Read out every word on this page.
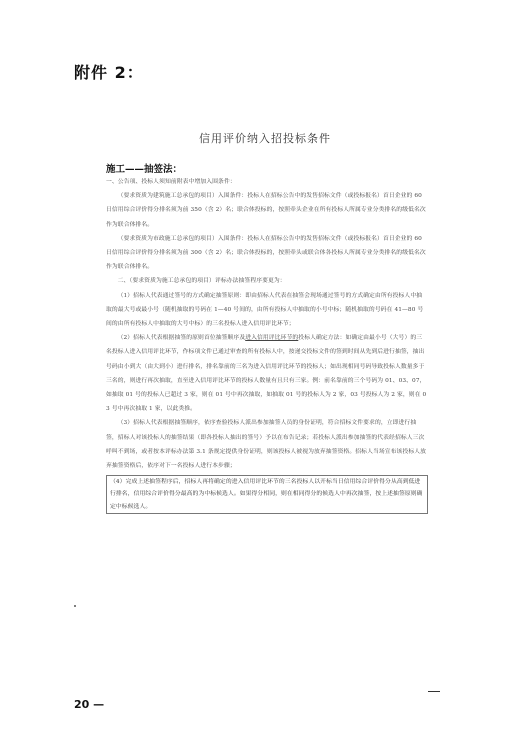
附件 2：
信用评价纳入招投标条件
施工——抽签法：

一、公告项、投标人须知前附表中增加入围条件：

（要求资质为建筑施工总承包的项目）入围条件：投标人在招标公告中的发售招标文件（或投标报名）首日企业的 60 日信用综合评价得分排名须为前 350（含 2）名；联合体投标的，按照牵头企业在所有投标人所属专业分类排名的级低名次作为联合体排名。

（要求资质为市政施工总承包的项目）入围条件：投标人在招标公告中的发售招标文件（或投标报名）首日企业的 60 日信用综合评价得分排名须为前 300（含 2）名；联合体投标的，按照牵头或联合体各投标人所属专业分类排名的级低名次作为联合体排名。

二、（要求资质为施工总承包的项目）评标办法抽签程序要更为：

（1）招标人代表通过签号的方式确定抽签原则：即由招标人代表在抽签会现场通过签号的方式确定由所有投标人中抽取的最大号或最小号（随机抽取的号码在 1—40 号间的，由所有投标人中抽取的小号中标；随机抽取的号码在 41—80 号间的由所有投标人中抽取的大号中标）的三名投标人进入信用评比环节；

（2）招标人代表根据抽签的原则首位抽签顺序及进入信用评比环节的投标人确定方法：如确定由最小号（大号）的三名投标人进入信用评比环节，作标项文件已通过审查的所有投标人中，按递交投标文件的签到时间从先到后进行抽签，抽出号码由小到大（由大到小）进行排名，排名靠前的三名为进入信用评比环节的投标人；如出现相同号码导致投标人数量多于三名的，则进行再次抽取，直至进入信用评比环节的投标人数量有且只有三家。例：前名靠前的三个号码为 01、03、07，如抽取 01 号的投标人已超过 3 家，则在 01 号中再次抽取，如抽取 01 号的投标人为 2 家，03 号投标人为 2 家，则在 03 号中再次抽取 1 家，以此类推。

（3）招标人代表根据抽签顺序，依序查验投标人派出参加抽签人员的身份证明，符合招标文件要求的，立即进行抽签，招标人对该投标人的抽签结果（即各投标人抽出的签号）予以在布告记录；若投标人派出参加抽签的代表经招标人三次呼叫不到场，或者按本评标办法第 3.1 条规定提供身份证明，则该投标人被视为放弃抽签资格。招标人当场宣布该投标人放弃抽签资格后，依序对下一名投标人进行本步骤；

（4）完成上述抽签程序后，招标人再将确定的进入信用评比环节的三名投标人以开标当日信用综合评价得分从高到低进行排名，信用综合评价得分最高的为中标候选人。如果得分相同，则在相同得分的候选人中再次抽签，按上述抽签原则确定中标候选人。

20 —
